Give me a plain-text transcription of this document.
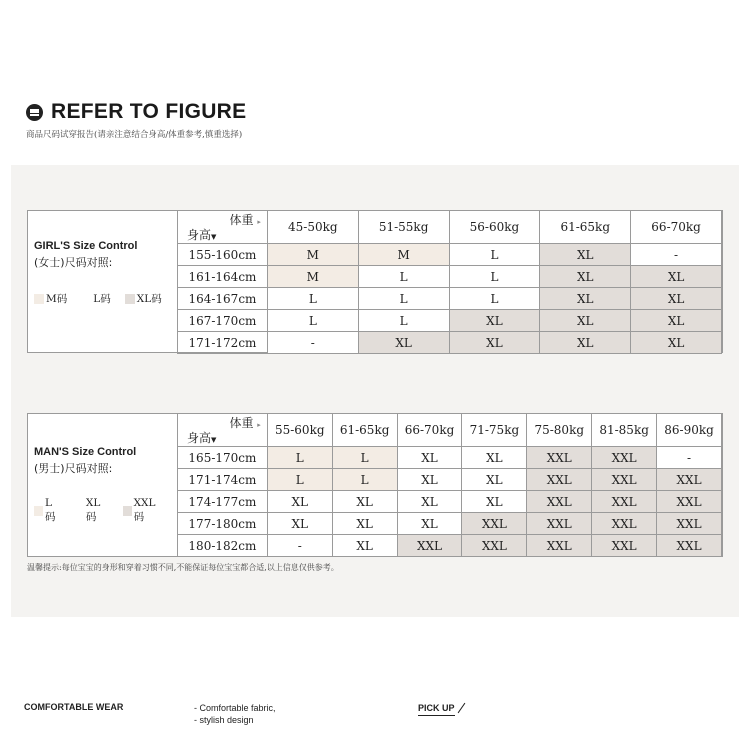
REFER TO FIGURE
商品尺码试穿报告(请亲注意结合身高/体重参考,慎重选择)
GIRL'S Size Control
(女士)尺码对照:
M码 L码 XL码
体重 ▸
身高▼	45-50kg	51-55kg	56-60kg	61-65kg	66-70kg
155-160cm	M	M	L	XL	-
161-164cm	M	L	L	XL	XL
164-167cm	L	L	L	XL	XL
167-170cm	L	L	XL	XL	XL
171-172cm	-	XL	XL	XL	XL
MAN'S Size Control
(男士)尺码对照:
L码
XL码
XXL码
体重 ▸
身高▼	55-60kg	61-65kg	66-70kg	71-75kg	75-80kg	81-85kg	86-90kg
165-170cm	L	L	XL	XL	XXL	XXL	-
171-174cm	L	L	XL	XL	XXL	XXL	XXL
174-177cm	XL	XL	XL	XL	XXL	XXL	XXL
177-180cm	XL	XL	XL	XXL	XXL	XXL	XXL
180-182cm	-	XL	XXL	XXL	XXL	XXL	XXL
温馨提示:每位宝宝的身形和穿着习惯不同,不能保证每位宝宝都合适,以上信息仅供参考。
COMFORTABLE WEAR	- Comfortable fabric,
- stylish design
PICK UP
